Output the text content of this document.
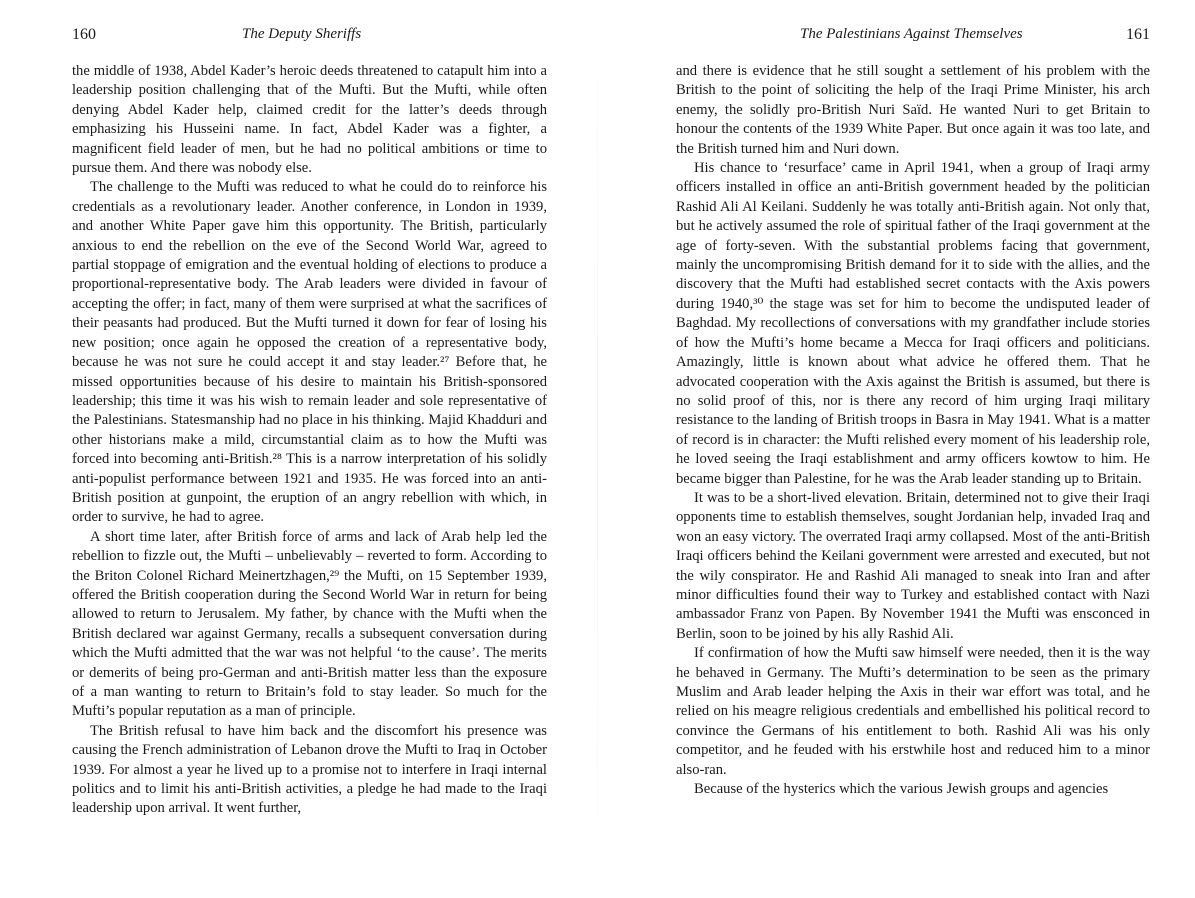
160	The Deputy Sheriffs

the middle of 1938, Abdel Kader’s heroic deeds threatened to catapult him into a leadership position challenging that of the Mufti. But the Mufti, while often denying Abdel Kader help, claimed credit for the latter’s deeds through emphasizing his Husseini name. In fact, Abdel Kader was a fighter, a magnificent field leader of men, but he had no political ambitions or time to pursue them. And there was nobody else.

The challenge to the Mufti was reduced to what he could do to reinforce his credentials as a revolutionary leader. Another conference, in London in 1939, and another White Paper gave him this opportunity. The British, particularly anxious to end the rebellion on the eve of the Second World War, agreed to partial stoppage of emigration and the eventual holding of elections to produce a proportional-representative body. The Arab leaders were divided in favour of accepting the offer; in fact, many of them were surprised at what the sacrifices of their peasants had produced. But the Mufti turned it down for fear of losing his new position; once again he opposed the creation of a representative body, because he was not sure he could accept it and stay leader.²⁷ Before that, he missed opportunities because of his desire to maintain his British-sponsored leadership; this time it was his wish to remain leader and sole representative of the Palestinians. Statesmanship had no place in his thinking. Majid Khadduri and other historians make a mild, circumstantial claim as to how the Mufti was forced into becoming anti-British.²⁸ This is a narrow interpretation of his solidly anti-populist performance between 1921 and 1935. He was forced into an anti-British position at gunpoint, the eruption of an angry rebellion with which, in order to survive, he had to agree.

A short time later, after British force of arms and lack of Arab help led the rebellion to fizzle out, the Mufti – unbelievably – reverted to form. According to the Briton Colonel Richard Meinertzhagen,²⁹ the Mufti, on 15 September 1939, offered the British cooperation during the Second World War in return for being allowed to return to Jerusalem. My father, by chance with the Mufti when the British declared war against Germany, recalls a subsequent conversation during which the Mufti admitted that the war was not helpful ‘to the cause’. The merits or demerits of being pro-German and anti-British matter less than the exposure of a man wanting to return to Britain’s fold to stay leader. So much for the Mufti’s popular reputation as a man of principle.

The British refusal to have him back and the discomfort his presence was causing the French administration of Lebanon drove the Mufti to Iraq in October 1939. For almost a year he lived up to a promise not to interfere in Iraqi internal politics and to limit his anti-British activities, a pledge he had made to the Iraqi leadership upon arrival. It went further,

The Palestinians Against Themselves	161

and there is evidence that he still sought a settlement of his problem with the British to the point of soliciting the help of the Iraqi Prime Minister, his arch enemy, the solidly pro-British Nuri Saïd. He wanted Nuri to get Britain to honour the contents of the 1939 White Paper. But once again it was too late, and the British turned him and Nuri down.

His chance to ‘resurface’ came in April 1941, when a group of Iraqi army officers installed in office an anti-British government headed by the politician Rashid Ali Al Keilani. Suddenly he was totally anti-British again. Not only that, but he actively assumed the role of spiritual father of the Iraqi government at the age of forty-seven. With the substantial problems facing that government, mainly the uncompromising British demand for it to side with the allies, and the discovery that the Mufti had established secret contacts with the Axis powers during 1940,³⁰ the stage was set for him to become the undisputed leader of Baghdad. My recollections of conversations with my grandfather include stories of how the Mufti’s home became a Mecca for Iraqi officers and politicians. Amazingly, little is known about what advice he offered them. That he advocated cooperation with the Axis against the British is assumed, but there is no solid proof of this, nor is there any record of him urging Iraqi military resistance to the landing of British troops in Basra in May 1941. What is a matter of record is in character: the Mufti relished every moment of his leadership role, he loved seeing the Iraqi establishment and army officers kowtow to him. He became bigger than Palestine, for he was the Arab leader standing up to Britain.

It was to be a short-lived elevation. Britain, determined not to give their Iraqi opponents time to establish themselves, sought Jordanian help, invaded Iraq and won an easy victory. The overrated Iraqi army collapsed. Most of the anti-British Iraqi officers behind the Keilani government were arrested and executed, but not the wily conspirator. He and Rashid Ali managed to sneak into Iran and after minor difficulties found their way to Turkey and established contact with Nazi ambassador Franz von Papen. By November 1941 the Mufti was ensconced in Berlin, soon to be joined by his ally Rashid Ali.

If confirmation of how the Mufti saw himself were needed, then it is the way he behaved in Germany. The Mufti’s determination to be seen as the primary Muslim and Arab leader helping the Axis in their war effort was total, and he relied on his meagre religious credentials and embellished his political record to convince the Germans of his entitlement to both. Rashid Ali was his only competitor, and he feuded with his erstwhile host and reduced him to a minor also-ran.

Because of the hysterics which the various Jewish groups and agencies
